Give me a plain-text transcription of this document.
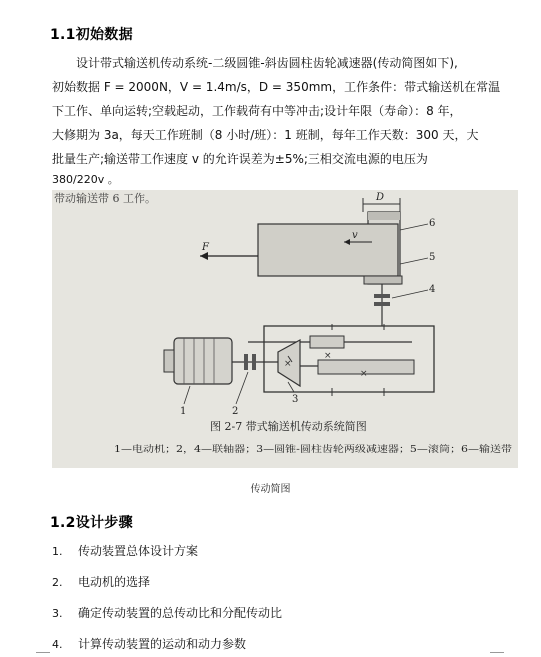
1.1初始数据
设计带式输送机传动系统-二级圆锥-斜齿圆柱齿轮减速器(传动简图如下),
初始数据 F = 2000N，V = 1.4m/s，D = 350mm，工作条件：带式输送机在常温
下工作、单向运转;空载起动，工作载荷有中等冲击;设计年限（寿命）：8 年，
大修期为 3a，每天工作班制（8 小时/班）：1 班制，每年工作天数：300 天，大
批量生产;输送带工作速度 v 的允许误差为±5%;三相交流电源的电压为
380/220v 。
带动输送带 6 工作。	D
F
v
6
5
4
×
×
×
1	2
3
图 2-7 带式输送机传动系统简图
1—电动机；2，4—联轴器；3—圆锥-圆柱齿轮两级减速器；5—滚筒；6—输送带
传动简图
1.2设计步骤
1. 传动装置总体设计方案
2. 电动机的选择
3. 确定传动装置的总传动比和分配传动比
4. 计算传动装置的运动和动力参数
